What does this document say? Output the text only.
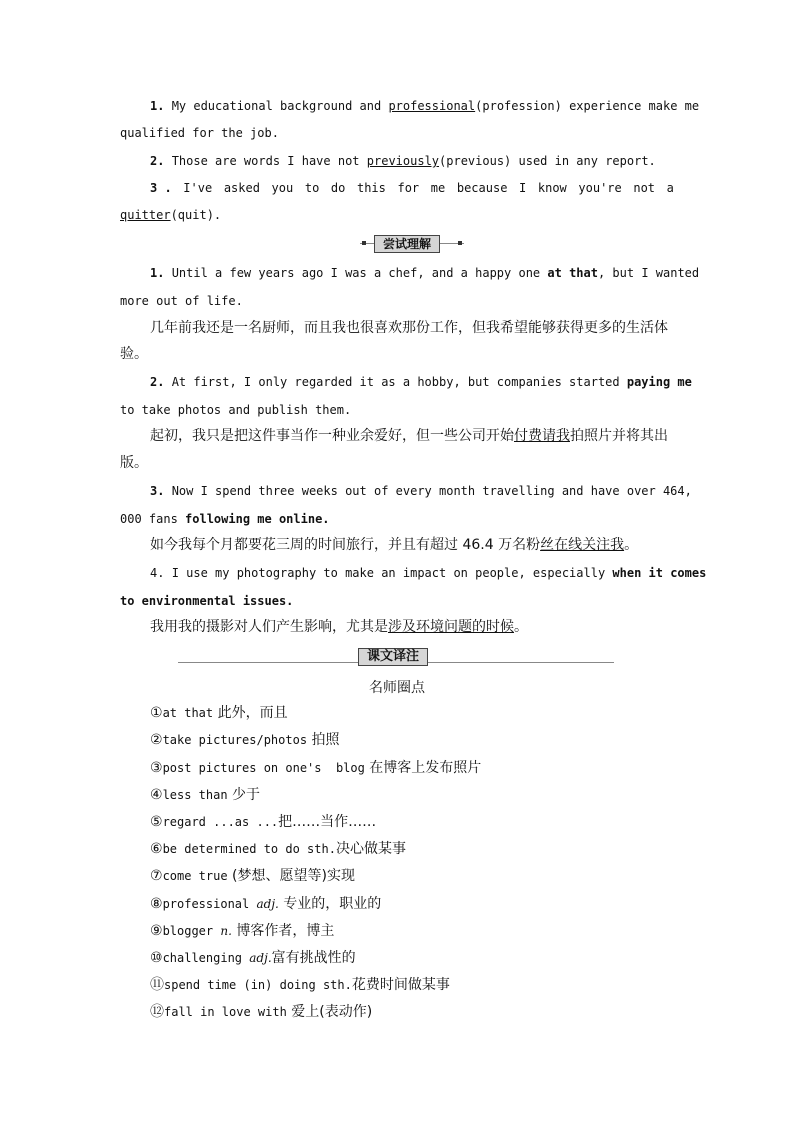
1. My educational background and professional(profession) experience make me
qualified for the job.
2. Those are words I have not previously(previous) used in any report.
3 . I've asked you to do this for me because I know you're not a
quitter(quit).
尝试理解
1. Until a few years ago I was a chef, and a happy one at that, but I wanted
more out of life.
几年前我还是一名厨师，而且我也很喜欢那份工作，但我希望能够获得更多的生活体
验。
2. At first, I only regarded it as a hobby, but companies started paying me
to take photos and publish them.
起初，我只是把这件事当作一种业余爱好，但一些公司开始付费请我拍照片并将其出
版。
3. Now I spend three weeks out of every month travelling and have over 464,
000 fans following me online.
如今我每个月都要花三周的时间旅行，并且有超过 46.4 万名粉丝在线关注我。
4. I use my photography to make an impact on people, especially when it comes
to environmental issues.
我用我的摄影对人们产生影响，尤其是涉及环境问题的时候。
课文译注
名师圈点
①at that 此外，而且
②take pictures/photos 拍照
③post pictures on one's  blog 在博客上发布照片
④less than 少于
⑤regard ...as ...把……当作……
⑥be determined to do sth.决心做某事
⑦come true (梦想、愿望等)实现
⑧professional adj. 专业的，职业的
⑨blogger n. 博客作者，博主
⑩challenging adj.富有挑战性的
⑪spend time (in) doing sth.花费时间做某事
⑫fall in love with 爱上(表动作)
